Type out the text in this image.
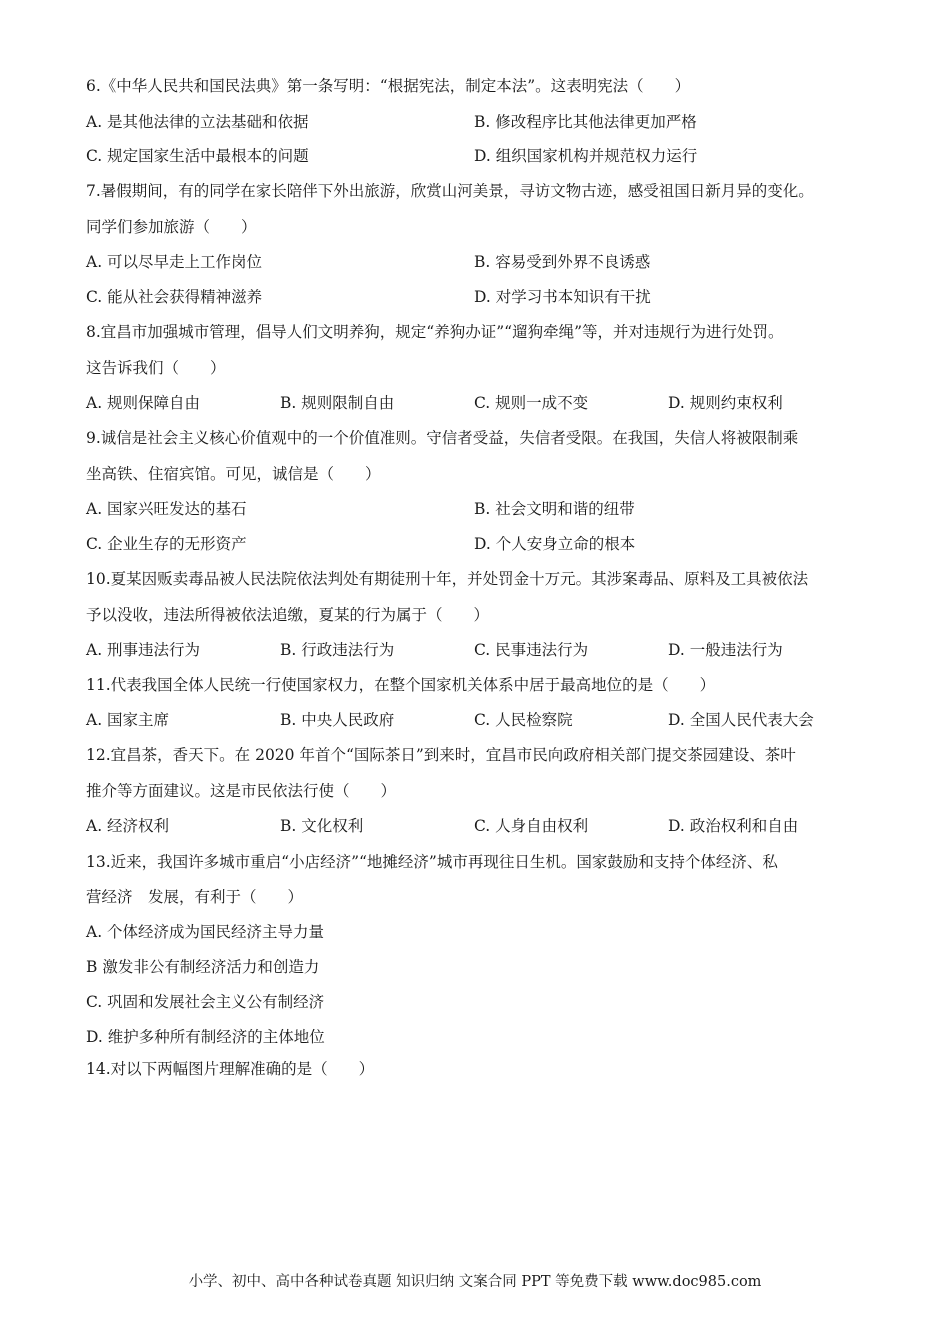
6.《中华人民共和国民法典》第一条写明：“根据宪法，制定本法”。这表明宪法（　　）
A. 是其他法律的立法基础和依据	B. 修改程序比其他法律更加严格
C. 规定国家生活中最根本的问题	D. 组织国家机构并规范权力运行
7.暑假期间，有的同学在家长陪伴下外出旅游，欣赏山河美景，寻访文物古迹，感受祖国日新月异的变化。
同学们参加旅游（　　）
A. 可以尽早走上工作岗位	B. 容易受到外界不良诱惑
C. 能从社会获得精神滋养	D. 对学习书本知识有干扰
8.宜昌市加强城市管理，倡导人们文明养狗，规定“养狗办证”“遛狗牵绳”等，并对违规行为进行处罚。
这告诉我们（　　）
A. 规则保障自由	B. 规则限制自由	C. 规则一成不变	D. 规则约束权利
9.诚信是社会主义核心价值观中的一个价值准则。守信者受益，失信者受限。在我国，失信人将被限制乘
坐高铁、住宿宾馆。可见，诚信是（　　）
A. 国家兴旺发达的基石	B. 社会文明和谐的纽带
C. 企业生存的无形资产	D. 个人安身立命的根本
10.夏某因贩卖毒品被人民法院依法判处有期徒刑十年，并处罚金十万元。其涉案毒品、原料及工具被依法
予以没收，违法所得被依法追缴，夏某的行为属于（　　）
A. 刑事违法行为	B. 行政违法行为	C. 民事违法行为	D. 一般违法行为
11.代表我国全体人民统一行使国家权力，在整个国家机关体系中居于最高地位的是（　　）
A. 国家主席	B. 中央人民政府	C. 人民检察院	D. 全国人民代表大会
12.宜昌茶，香天下。在 2020 年首个“国际茶日”到来时，宜昌市民向政府相关部门提交茶园建设、茶叶
推介等方面建议。这是市民依法行使（　　）
A. 经济权利	B. 文化权利	C. 人身自由权利	D. 政治权利和自由
13.近来，我国许多城市重启“小店经济”“地摊经济”城市再现往日生机。国家鼓励和支持个体经济、私
营经济　发展，有利于（　　）
A. 个体经济成为国民经济主导力量
B 激发非公有制经济活力和创造力
C. 巩固和发展社会主义公有制经济
D. 维护多种所有制经济的主体地位
14.对以下两幅图片理解准确的是（　　）
小学、初中、高中各种试卷真题 知识归纳 文案合同 PPT 等免费下载 www.doc985.com
